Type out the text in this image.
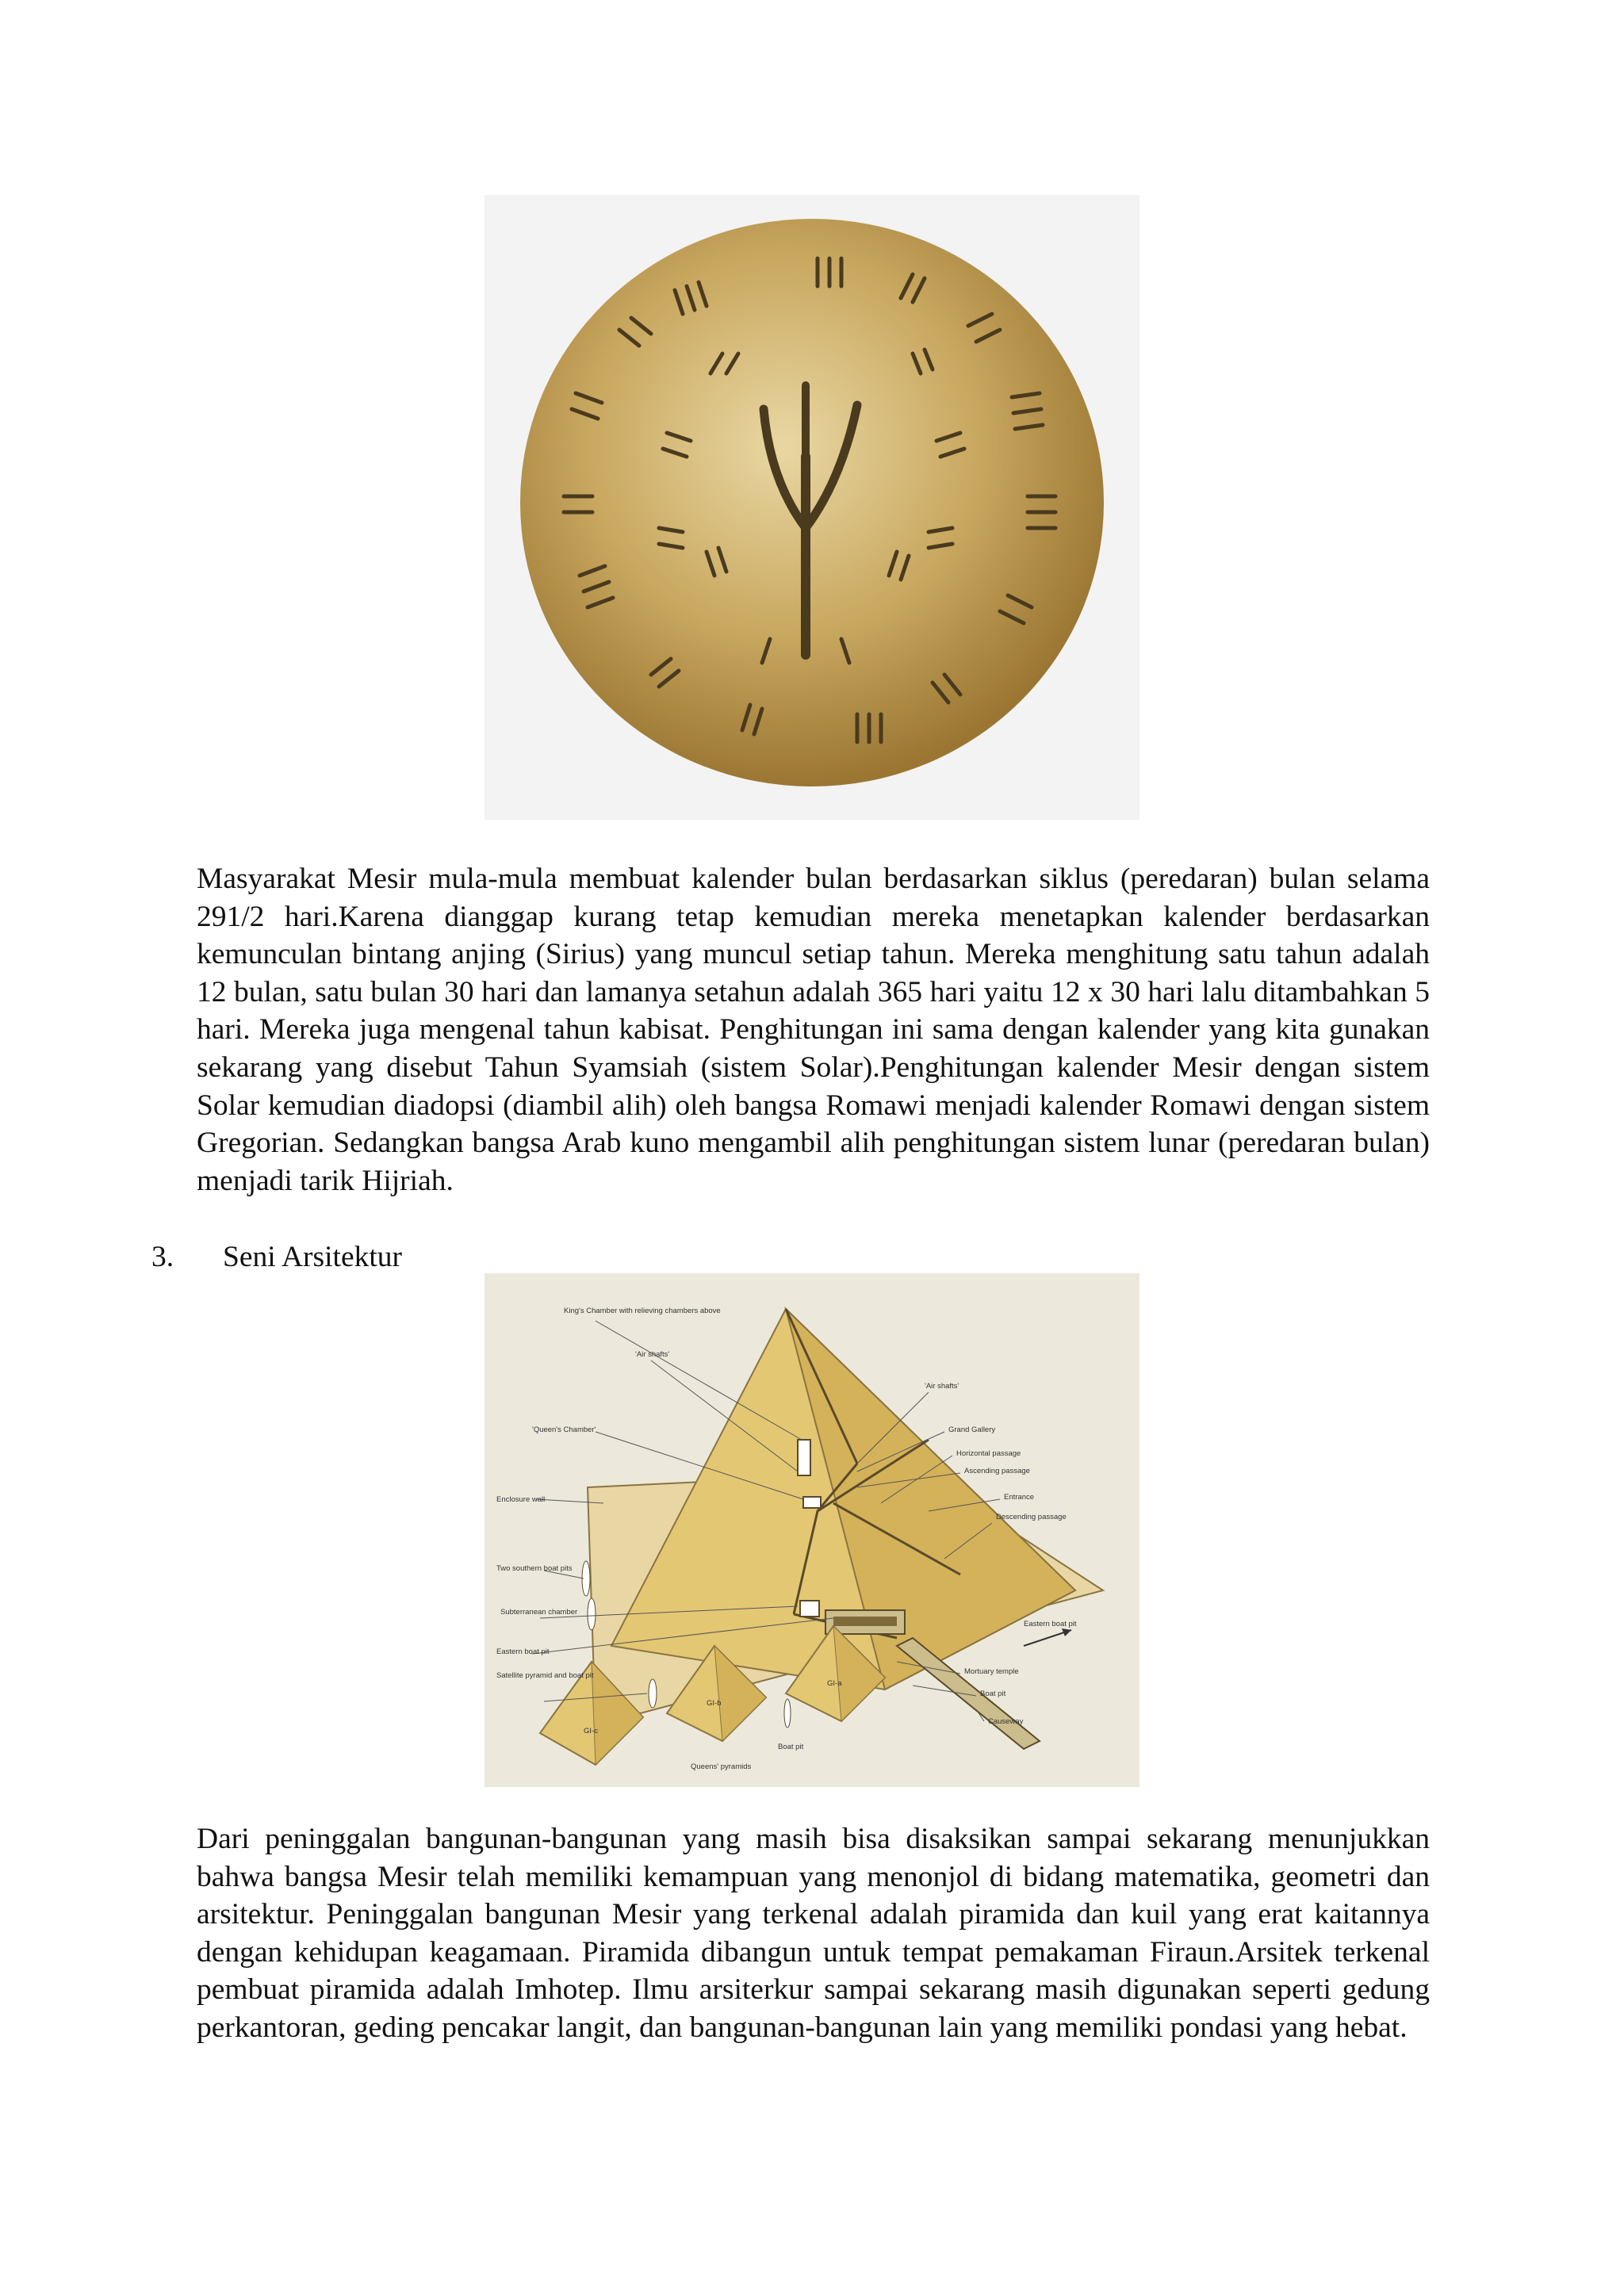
Masyarakat Mesir mula-mula membuat kalender bulan berdasarkan siklus (peredaran) bulan selama 291/2 hari.Karena dianggap kurang tetap kemudian mereka menetapkan kalender berdasarkan kemunculan bintang anjing (Sirius) yang muncul setiap tahun. Mereka menghitung satu tahun adalah 12 bulan, satu bulan 30 hari dan lamanya setahun adalah 365 hari yaitu 12 x 30 hari lalu ditambahkan 5 hari. Mereka juga mengenal tahun kabisat. Penghitungan ini sama dengan kalender yang kita gunakan sekarang yang disebut Tahun Syamsiah (sistem Solar).Penghitungan kalender Mesir dengan sistem Solar kemudian diadopsi (diambil alih) oleh bangsa Romawi menjadi kalender Romawi dengan sistem Gregorian. Sedangkan bangsa Arab kuno mengambil alih penghitungan sistem lunar (peredaran bulan) menjadi tarik Hijriah.

3. Seni Arsitektur
King's Chamber with relieving chambers above
'Air shafts'
'Air shafts'
'Queen's Chamber'	Grand Gallery
Horizontal passage
Ascending passage
Entrance
Descending passage
Enclosure wall
Two southern boat pits
Subterranean chamber
Eastern boat pit
Satellite pyramid and boat pit
Eastern boat pit
Mortuary temple
Boat pit
Causeway
Boat pit
Queens' pyramids
GI-a
GI-b
GI-c

Dari peninggalan bangunan-bangunan yang masih bisa disaksikan sampai sekarang menunjukkan bahwa bangsa Mesir telah memiliki kemampuan yang menonjol di bidang matematika, geometri dan arsitektur. Peninggalan bangunan Mesir yang terkenal adalah piramida dan kuil yang erat kaitannya dengan kehidupan keagamaan. Piramida dibangun untuk tempat pemakaman Firaun.Arsitek terkenal pembuat piramida adalah Imhotep. Ilmu arsiterkur sampai sekarang masih digunakan seperti gedung perkantoran, geding pencakar langit, dan bangunan-bangunan lain yang memiliki pondasi yang hebat.
